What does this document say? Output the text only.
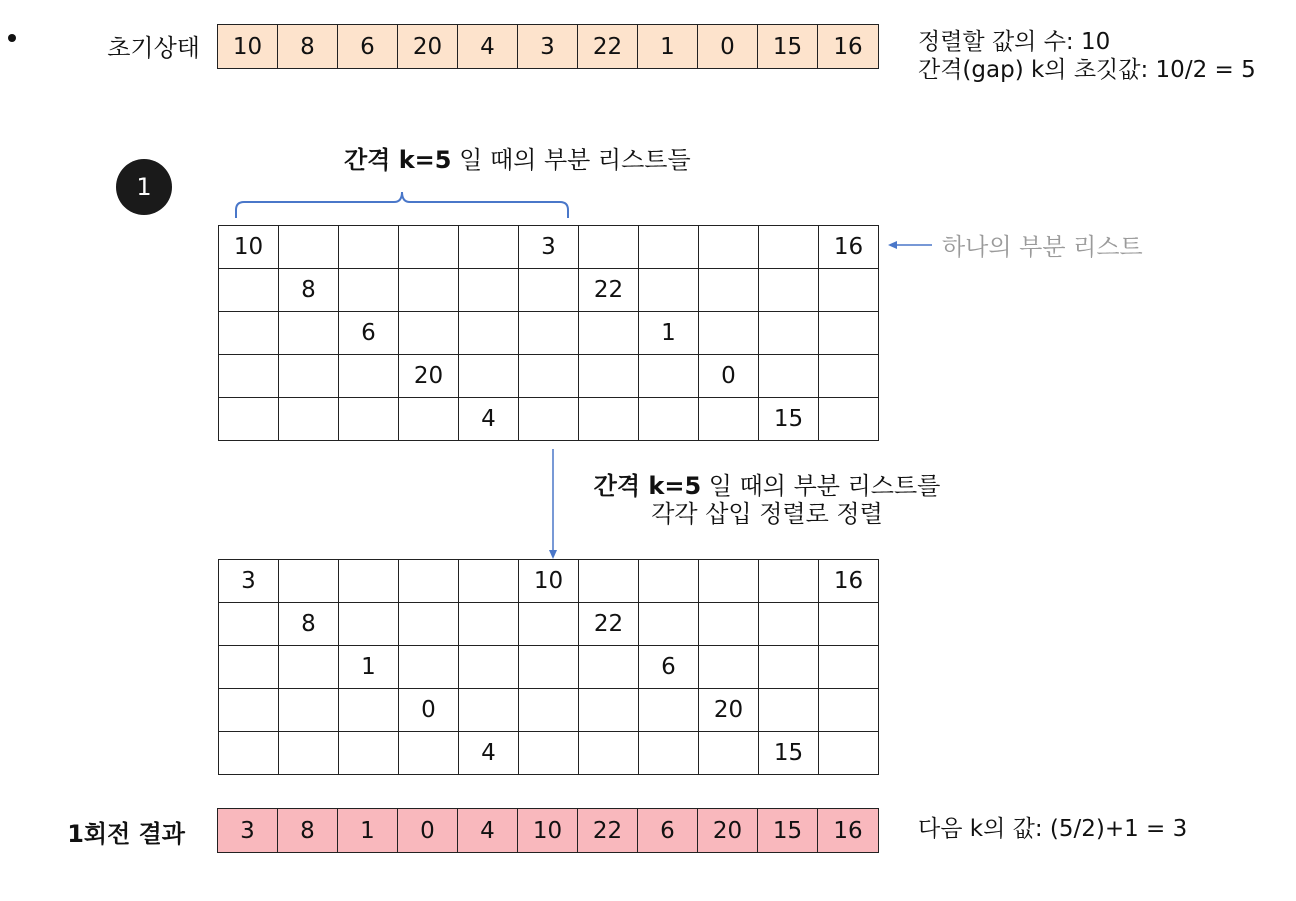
초기상태	10	8	6	20	4	3	22	1	0	15	16	정렬할 값의 수: 10
간격(gap) k의 초깃값: 10/2 = 5
1
간격 k=5 일 때의 부분 리스트들
하나의 부분 리스트
10					3					16
	8					22				
		6					1			
			20					0		
				4					15	
간격 k=5 일 때의 부분 리스트를
각각 삽입 정렬로 정렬
3					10					16
	8					22				
		1					6			
			0					20		
				4					15	
1회전 결과	3	8	1	0	4	10	22	6	20	15	16	다음 k의 값: (5/2)+1 = 3
